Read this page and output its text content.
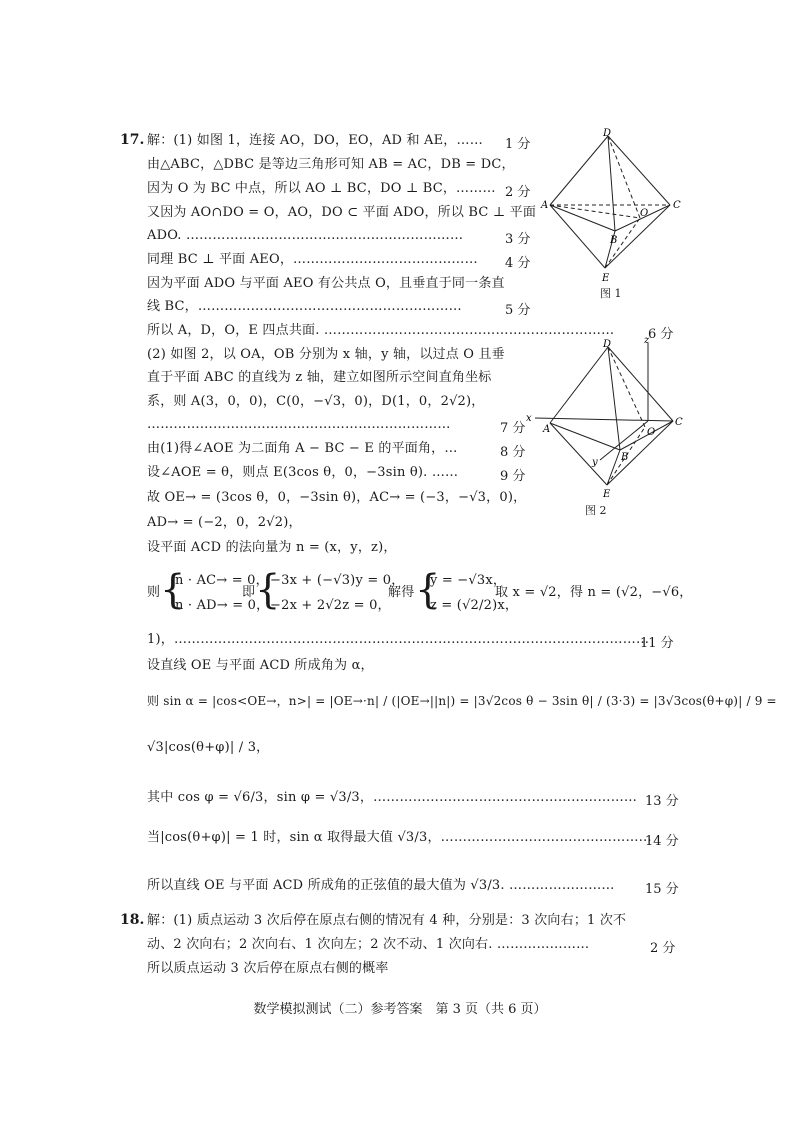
17. 解：(1) 如图 1，连接 AO，DO，EO，AD 和 AE，…… 1 分
由△ABC，△DBC 是等边三角形可知 AB = AC，DB = DC，
因为 O 为 BC 中点，所以 AO ⊥ BC，DO ⊥ BC，……… 2 分
又因为 AO∩DO = O，AO，DO ⊂ 平面 ADO，所以 BC ⊥ 平面
ADO. ………………………………………………………	3 分
同理 BC ⊥ 平面 AEO，…………………………………… 4 分
因为平面 ADO 与平面 AEO 有公共点 O，且垂直于同一条直
线 BC，……………………………………………………	5 分
所以 A，D，O，E 四点共面. …………………………………………………………	6 分
(2) 如图 2，以 OA，OB 分别为 x 轴，y 轴，以过点 O 且垂
直于平面 ABC 的直线为 z 轴，建立如图所示空间直角坐标
系，则 A(3，0，0)，C(0，−√3，0)，D(1，0，2√2)，
……………………………………………………………	7 分
由(1)得∠AOE 为二面角 A − BC − E 的平面角，…	8 分
设∠AOE = θ，则点 E(3cos θ，0，−3sin θ). ……	9 分
故 OE→ = (3cos θ，0，−3sin θ)，AC→ = (−3，−√3，0)，
AD→ = (−2，0，2√2)，
设平面 ACD 的法向量为 n = (x，y，z)，
则 {
n · AC→ = 0，
n · AD→ = 0，
即 {
−3x + (−√3)y = 0，
−2x + 2√2z = 0，
解得 {
y = −√3x，
z = (√2/2)x，
取 x = √2，得 n = (√2，−√6，
1)，………………………………………………………………………………………………
11 分
设直线 OE 与平面 ACD 所成角为 α，
则 sin α = |cos<OE→，n>| = |OE→·n| / (|OE→||n|) = |3√2cos θ − 3sin θ| / (3·3) = |3√3cos(θ+φ)| / 9 =
√3|cos(θ+φ)| / 3，
其中 cos φ = √6/3，sin φ = √3/3，…………………………………………………… 13 分
当|cos(θ+φ)| = 1 时，sin α 取得最大值 √3/3，…………………………………………
14 分
所以直线 OE 与平面 ACD 所成角的正弦值的最大值为 √3/3. …………………… 15 分
18. 解：(1) 质点运动 3 次后停在原点右侧的情况有 4 种，分别是：3 次向右；1 次不
动、2 次向右；2 次向右、1 次向左；2 次不动、1 次向右. …………………	2 分
所以质点运动 3 次后停在原点右侧的概率
D
A	C
O
B
E
图 1
D	z
x
A
C
O
y B
E
图 2
数学模拟测试（二）参考答案　第 3 页（共 6 页）
